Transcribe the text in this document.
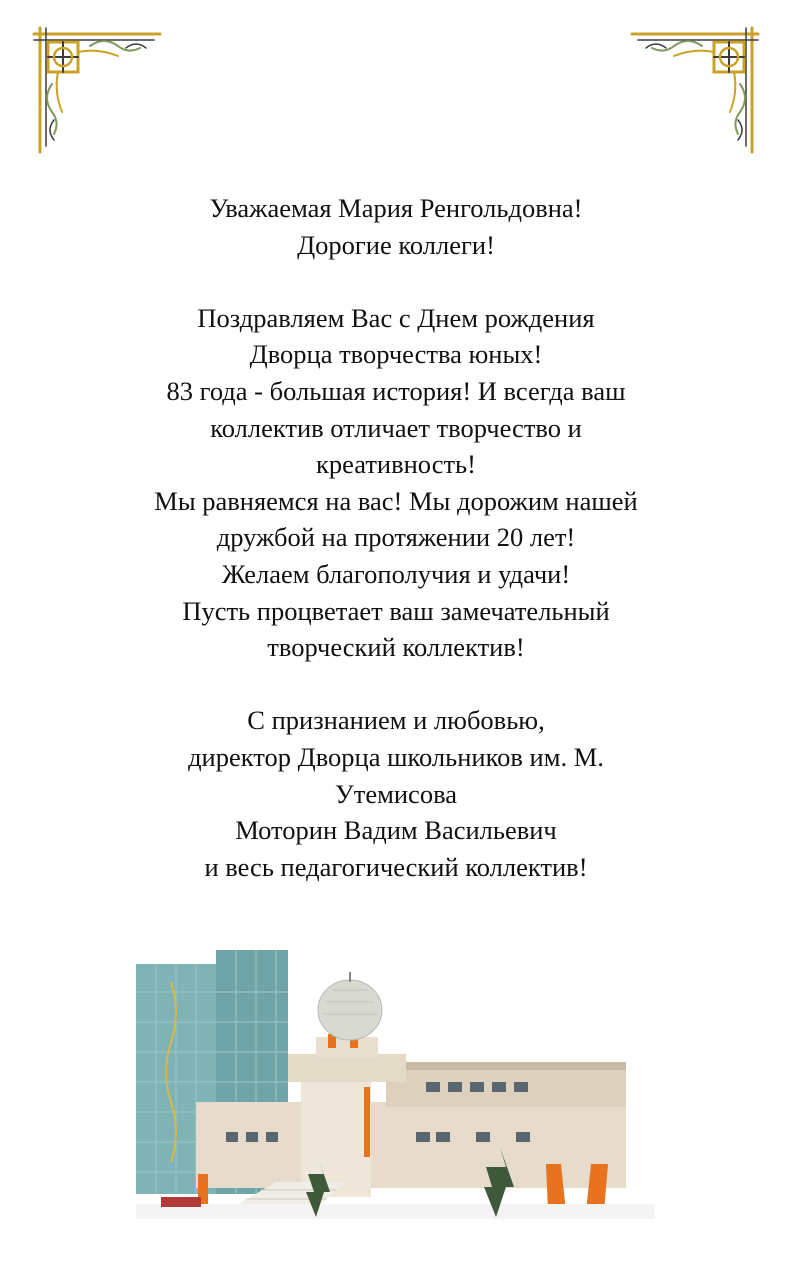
Уважаемая Мария Ренгольдовна!
Дорогие коллеги!
Поздравляем Вас с Днем рождения
Дворца творчества юных!
83 года - большая история! И всегда ваш
коллектив отличает творчество и
креативность!
Мы равняемся на вас! Мы дорожим нашей
дружбой на протяжении 20 лет!
Желаем благополучия и удачи!
Пусть процветает ваш замечательный
творческий коллектив!
С признанием и любовью,
директор Дворца школьников им. М.
Утемисова
Моторин Вадим Васильевич
и весь педагогический коллектив!
